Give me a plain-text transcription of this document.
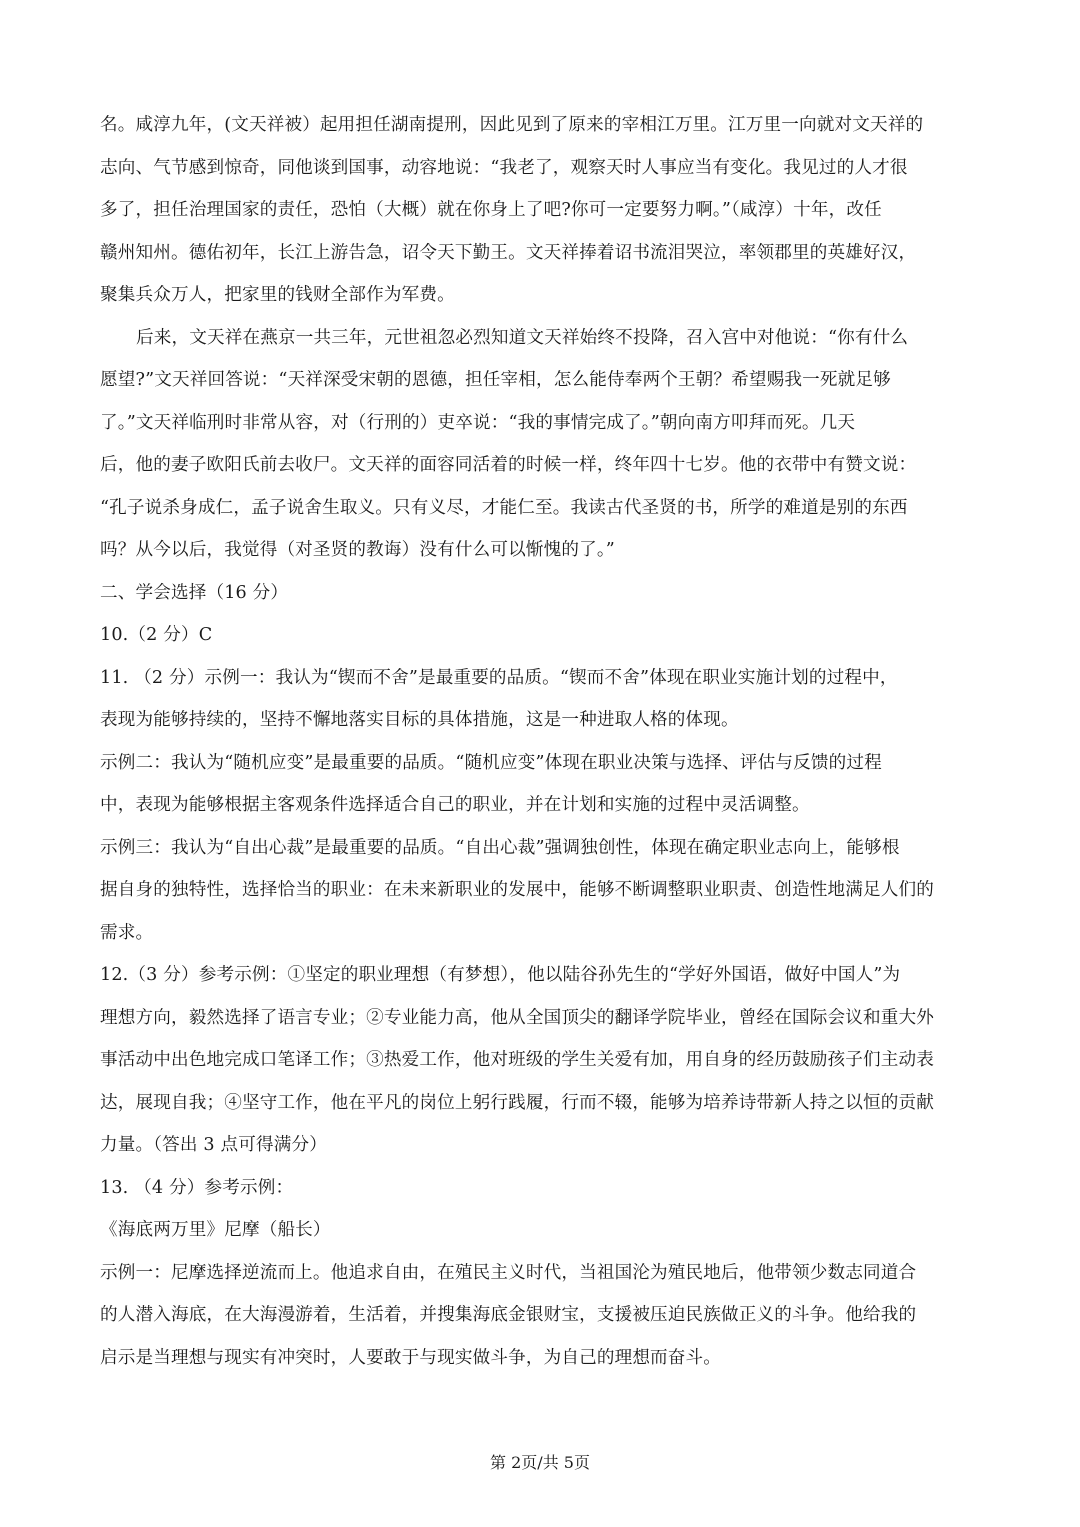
名。咸淳九年，(文天祥被）起用担任湖南提刑，因此见到了原来的宰相江万里。江万里一向就对文天祥的
志向、气节感到惊奇，同他谈到国事，动容地说：“我老了，观察天时人事应当有变化。我见过的人才很
多了，担任治理国家的责任，恐怕（大概）就在你身上了吧?你可一定要努力啊。”（咸淳）十年，改任
赣州知州。德佑初年，长江上游告急，诏令天下勤王。文天祥捧着诏书流泪哭泣，率领郡里的英雄好汉，
聚集兵众万人，把家里的钱财全部作为军费。
后来，文天祥在燕京一共三年，元世祖忽必烈知道文天祥始终不投降，召入宫中对他说：“你有什么
愿望?”文天祥回答说：“天祥深受宋朝的恩德，担任宰相，怎么能侍奉两个王朝？希望赐我一死就足够
了。”文天祥临刑时非常从容，对（行刑的）吏卒说：“我的事情完成了。”朝向南方叩拜而死。几天
后，他的妻子欧阳氏前去收尸。文天祥的面容同活着的时候一样，终年四十七岁。他的衣带中有赞文说：
“孔子说杀身成仁，孟子说舍生取义。只有义尽，才能仁至。我读古代圣贤的书，所学的难道是别的东西
吗？从今以后，我觉得（对圣贤的教诲）没有什么可以惭愧的了。”
二、学会选择（16 分）
10.（2 分）C
11. （2 分）示例一：我认为“锲而不舍”是最重要的品质。“锲而不舍”体现在职业实施计划的过程中，
表现为能够持续的，坚持不懈地落实目标的具体措施，这是一种进取人格的体现。
示例二：我认为“随机应变”是最重要的品质。“随机应变”体现在职业决策与选择、评估与反馈的过程
中，表现为能够根据主客观条件选择适合自己的职业，并在计划和实施的过程中灵活调整。
示例三：我认为“自出心裁”是最重要的品质。“自出心裁”强调独创性，体现在确定职业志向上，能够根
据自身的独特性，选择恰当的职业：在未来新职业的发展中，能够不断调整职业职责、创造性地满足人们的
需求。
12.（3 分）参考示例：①坚定的职业理想（有梦想），他以陆谷孙先生的“学好外国语，做好中国人”为
理想方向，毅然选择了语言专业；②专业能力高，他从全国顶尖的翻译学院毕业，曾经在国际会议和重大外
事活动中出色地完成口笔译工作；③热爱工作，他对班级的学生关爱有加，用自身的经历鼓励孩子们主动表
达，展现自我；④坚守工作，他在平凡的岗位上躬行践履，行而不辍，能够为培养诗带新人持之以恒的贡献
力量。（答出 3 点可得满分）
13. （4 分）参考示例：
《海底两万里》尼摩（船长）
示例一：尼摩选择逆流而上。他追求自由，在殖民主义时代，当祖国沦为殖民地后，他带领少数志同道合
的人潜入海底，在大海漫游着，生活着，并搜集海底金银财宝，支援被压迫民族做正义的斗争。他给我的
启示是当理想与现实有冲突时，人要敢于与现实做斗争，为自己的理想而奋斗。
第 2页/共 5页
